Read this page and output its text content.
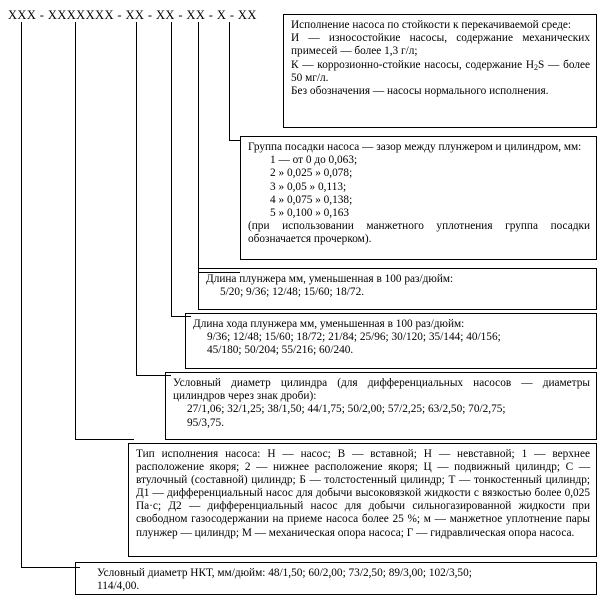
ХХХ - ХХХХХХХ - ХХ - ХХ - ХХ - Х - ХХ

Исполнение насоса по стойкости к перекачиваемой среде:

И — износостойкие насосы, содержание механических примесей — более 1,3 г/л;

К — коррозионно-стойкие насосы, содержание $H_2S$ — более 50 мг/л.

Без обозначения — насосы нормального исполнения.

Группа посадки насоса — зазор между плунжером и цилиндром, мм:

1 — от 0 до 0,063;

2 » 0,025 » 0,078;

3 » 0,05 » 0,113;

4 » 0,075 » 0,138;

5 » 0,100 » 0,163

(при использовании манжетного уплотнения группа посадки обозначается прочерком).

Длина плунжера мм, уменьшенная в 100 раз/дюйм:

5/20; 9/36; 12/48; 15/60; 18/72.

Длина хода плунжера мм, уменьшенная в 100 раз/дюйм:

9/36; 12/48; 15/60; 18/72; 21/84; 25/96; 30/120; 35/144; 40/156;

45/180; 50/204; 55/216; 60/240.

Условный диаметр цилиндра (для дифференциальных насосов — диаметры цилиндров через знак дроби):

27/1,06; 32/1,25; 38/1,50; 44/1,75; 50/2,00; 57/2,25; 63/2,50; 70/2,75;

95/3,75.

Тип исполнения насоса: Н — насос; В — вставной; Н — невставной; 1 — верхнее расположение якоря; 2 — нижнее расположение якоря; Ц — подвижный цилиндр; С — втулочный (составной) цилиндр; Б — толстостенный цилиндр; Т — тонкостенный цилиндр; Д1 — дифференциальный насос для добычи высоковязкой жидкости с вязкостью более 0,025 Па·с; Д2 — дифференциальный насос для добычи сильногазированной жидкости при свободном газосодержании на приеме насоса более 25 %; м — манжетное уплотнение пары плунжер — цилиндр; М — механическая опора насоса; Г — гидравлическая опора насоса.

Условный диаметр НКТ, мм/дюйм: 48/1,50; 60/2,00; 73/2,50; 89/3,00; 102/3,50;

114/4,00.
